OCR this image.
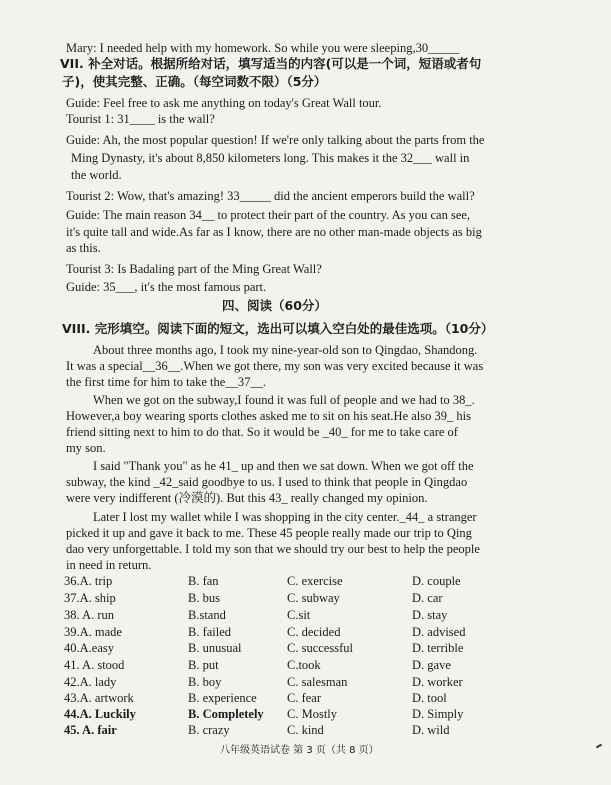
Mary: I needed help with my homework. So while you were sleeping,30_____
VII. 补全对话。根据所给对话，填写适当的内容(可以是一个词，短语或者句
子)，使其完整、正确。（每空词数不限）（5分）
Guide: Feel free to ask me anything on today's Great Wall tour.
Tourist 1: 31____ is the wall?
Guide: Ah, the most popular question! If we're only talking about the parts from the
Ming Dynasty, it's about 8,850 kilometers long. This makes it the 32___ wall in
the world.
Tourist 2: Wow, that's amazing! 33_____ did the ancient emperors build the wall?
Guide: The main reason 34__ to protect their part of the country. As you can see,
it's quite tall and wide.As far as I know, there are no other man-made objects as big
as this.
Tourist 3: Is Badaling part of the Ming Great Wall?
Guide: 35___, it's the most famous part.
四、阅读（60分）
VIII. 完形填空。阅读下面的短文，选出可以填入空白处的最佳选项。（10分）
About three months ago, I took my nine-year-old son to Qingdao, Shandong.
It was a special__36__.When we got there, my son was very excited because it was
the first time for him to take the__37__.
When we got on the subway,I found it was full of people and we had to 38_.
However,a boy wearing sports clothes asked me to sit on his seat.He also 39_ his
friend sitting next to him to do that. So it would be _40_ for me to take care of
my son.
I said "Thank you" as he 41_ up and then we sat down. When we got off the
subway, the kind _42_said goodbye to us. I used to think that people in Qingdao
were very indifferent (冷漠的). But this 43_ really changed my opinion.
Later I lost my wallet while I was shopping in the city center._44_ a stranger
picked it up and gave it back to me. These 45 people really made our trip to Qing
dao very unforgettable. I told my son that we should try our best to help the people
in need in return.
36.A. trip	B. fan	C. exercise	D. couple
37.A. ship	B. bus	C. subway	D. car
38. A. run	B.stand	C.sit	D. stay
39.A. made	B. failed	C. decided	D. advised
40.A.easy	B. unusual	C. successful	D. terrible
41. A. stood	B. put	C.took	D. gave
42.A. lady	B. boy	C. salesman	D. worker
43.A. artwork	B. experience C. fear	D. tool
44.A. Luckily	B. Completely C. Mostly	D. Simply
45. A. fair	B. crazy	C. kind	D. wild
八年级英语试卷 第 3 页（共 8 页）
